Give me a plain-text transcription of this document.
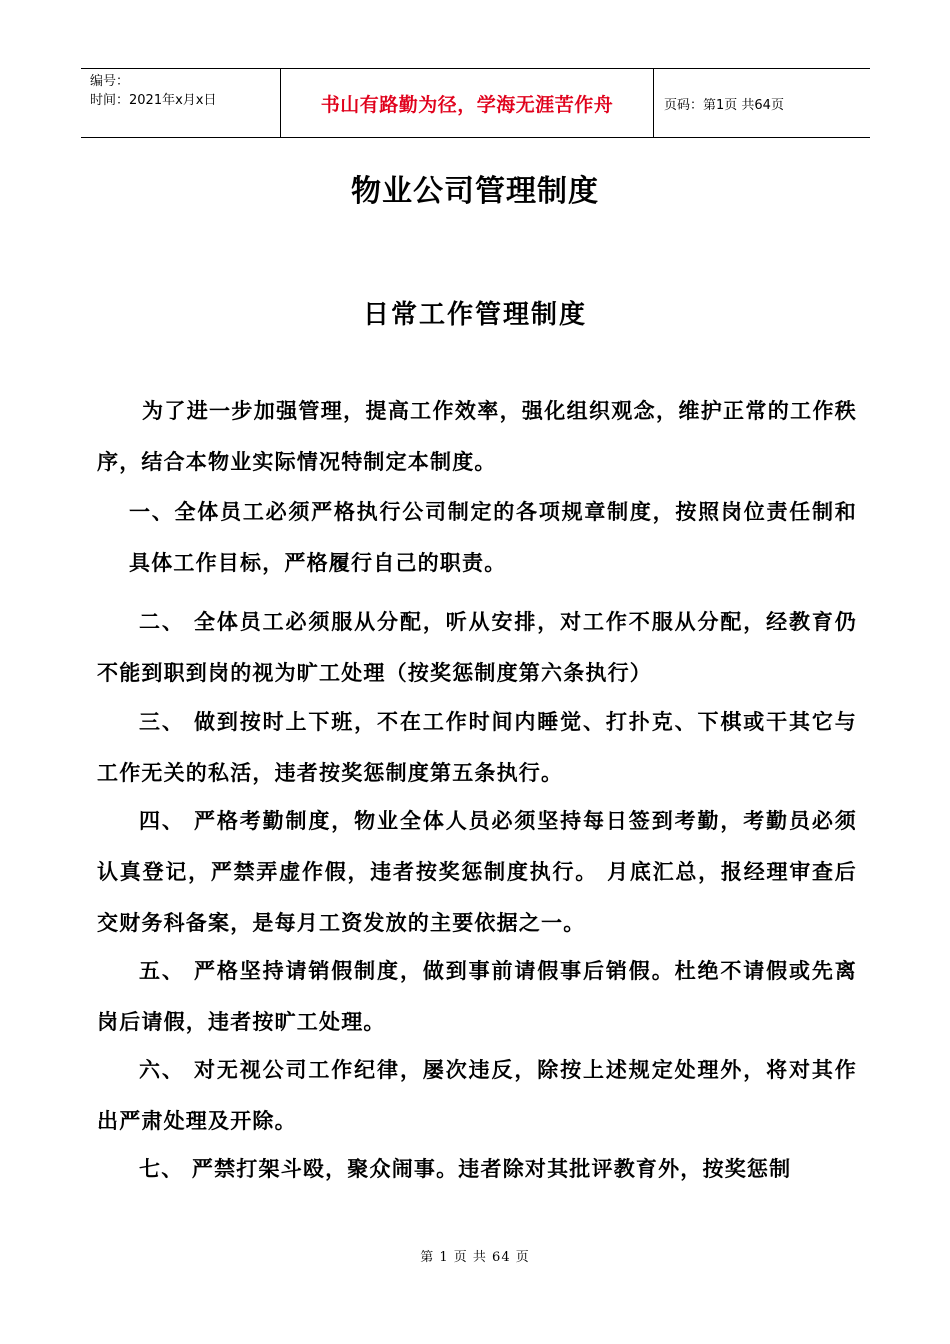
编号：
时间：2021年x月x日	书山有路勤为径，学海无涯苦作舟	页码：第1页 共64页
物业公司管理制度
日常工作管理制度

为了进一步加强管理，提高工作效率，强化组织观念，维护正常的工作秩序，结合本物业实际情况特制定本制度。

一、全体员工必须严格执行公司制定的各项规章制度，按照岗位责任制和具体工作目标，严格履行自己的职责。

二、 全体员工必须服从分配，听从安排，对工作不服从分配，经教育仍不能到职到岗的视为旷工处理（按奖惩制度第六条执行）

三、 做到按时上下班，不在工作时间内睡觉、打扑克、下棋或干其它与工作无关的私活，违者按奖惩制度第五条执行。

四、 严格考勤制度，物业全体人员必须坚持每日签到考勤，考勤员必须认真登记，严禁弄虚作假，违者按奖惩制度执行。 月底汇总，报经理审查后交财务科备案，是每月工资发放的主要依据之一。

五、 严格坚持请销假制度，做到事前请假事后销假。杜绝不请假或先离岗后请假，违者按旷工处理。

六、 对无视公司工作纪律，屡次违反，除按上述规定处理外，将对其作出严肃处理及开除。

七、 严禁打架斗殴，聚众闹事。违者除对其批评教育外，按奖惩制

第 1 页 共 64 页
